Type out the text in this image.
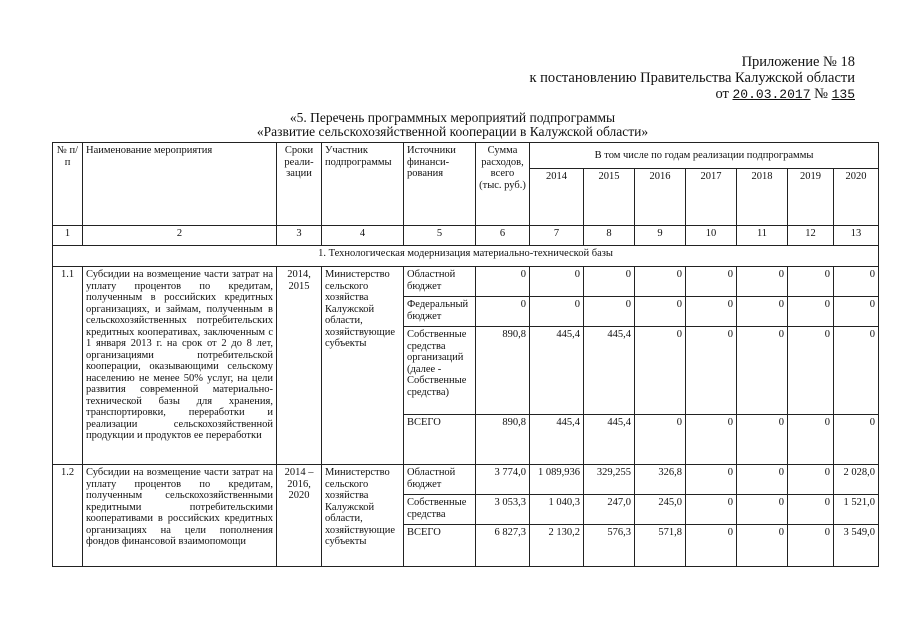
Приложение № 18
к постановлению Правительства Калужской области
от 20.03.2017 № 135
«5. Перечень программных мероприятий подпрограммы
«Развитие сельскохозяйственной кооперации в Калужской области»
№ п/п	Наименование мероприятия	Сроки реали- зации	Участник подпрограммы	Источники финанси- рования	Сумма расходов, всего (тыс. руб.)	В том числе по годам реализации подпрограммы						
						2014	2015	2016	2017	2018	2019	2020
1	2	3	4	5	6	7	8	9	10	11	12	13
1. Технологическая модернизация материально-технической базы												
1.1	Субсидии на возмещение части затрат на уплату процентов по кредитам, полученным в российских кредитных организациях, и займам, полученным в сельскохозяйственных потребительских кредитных кооперативах, заключенным с 1 января 2013 г. на срок от 2 до 8 лет, организациями потребительской кооперации, оказывающими сельскому населению не менее 50% услуг, на цели развития современной материально-технической базы для хранения, транспортировки, переработки и реализации сельскохозяйственной продукции и продуктов ее переработки	2014, 2015	Министерство сельского хозяйства Калужской области, хозяйствующие субъекты	Областной бюджет	0	0	0	0	0	0	0	0
				Федеральный бюджет	0	0	0	0	0	0	0	0
				Собственные средства организаций (далее - Собственные средства)	890,8	445,4	445,4	0	0	0	0	0
				ВСЕГО	890,8	445,4	445,4	0	0	0	0	0
1.2	Субсидии на возмещение части затрат на уплату процентов по кредитам, полученным сельскохозяйственными кредитными потребительскими кооперативами в российских кредитных организациях на цели пополнения фондов финансовой взаимопомощи	2014 – 2016, 2020	Министерство сельского хозяйства Калужской области, хозяйствующие субъекты	Областной бюджет	3 774,0	1 089,936	329,255	326,8	0	0	0	2 028,0
				Собственные средства	3 053,3	1 040,3	247,0	245,0	0	0	0	1 521,0
				ВСЕГО	6 827,3	2 130,2	576,3	571,8	0	0	0	3 549,0
